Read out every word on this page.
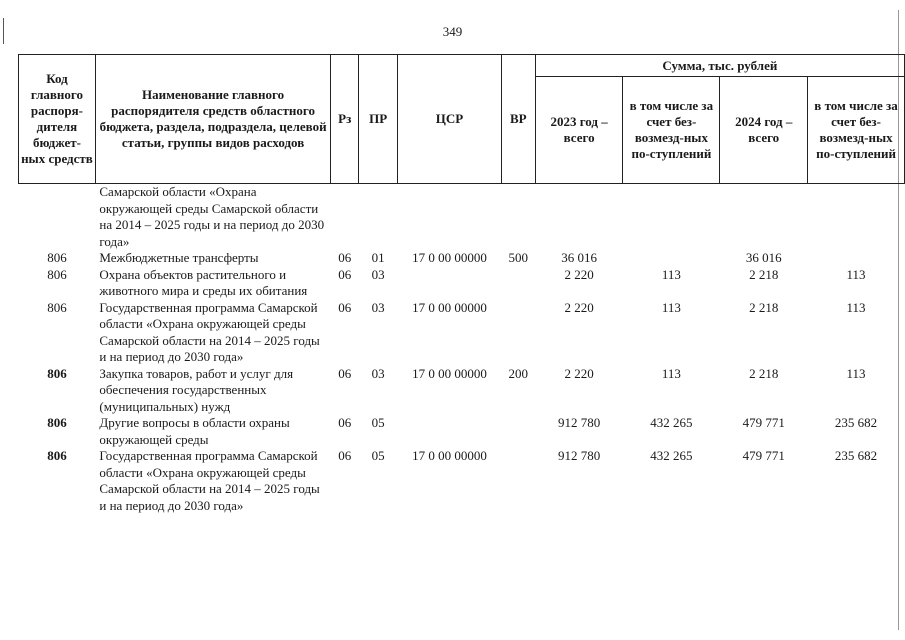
349
Код главного распоря-дителя бюджет-ных средств	Наименование главного распорядителя средств областного бюджета, раздела, подраздела, целевой статьи, группы видов расходов	Рз	ПР	ЦСР	ВР	Сумма, тыс. рублей			
						2023 год – всего	в том числе за счет без-возмезд-ных по-ступлений	2024 год – всего	в том числе за счет без-возмезд-ных по-ступлений
	Самарской области «Охрана окружающей среды Самарской области на 2014 – 2025 годы и на период до 2030 года»								
806	Межбюджетные трансферты	06	01	17 0 00 00000	500	36 016		36 016	
806	Охрана объектов растительного и животного мира и среды их обитания	06	03			2 220	113	2 218	113
806	Государственная программа Самарской области «Охрана окружающей среды Самарской области на 2014 – 2025 годы и на период до 2030 года»	06	03	17 0 00 00000		2 220	113	2 218	113
806	Закупка товаров, работ и услуг для обеспечения государственных (муниципальных) нужд	06	03	17 0 00 00000	200	2 220	113	2 218	113
806	Другие вопросы в области охраны окружающей среды	06	05			912 780	432 265	479 771	235 682
806	Государственная программа Самарской области «Охрана окружающей среды Самарской области на 2014 – 2025 годы и на период до 2030 года»	06	05	17 0 00 00000		912 780	432 265	479 771	235 682
